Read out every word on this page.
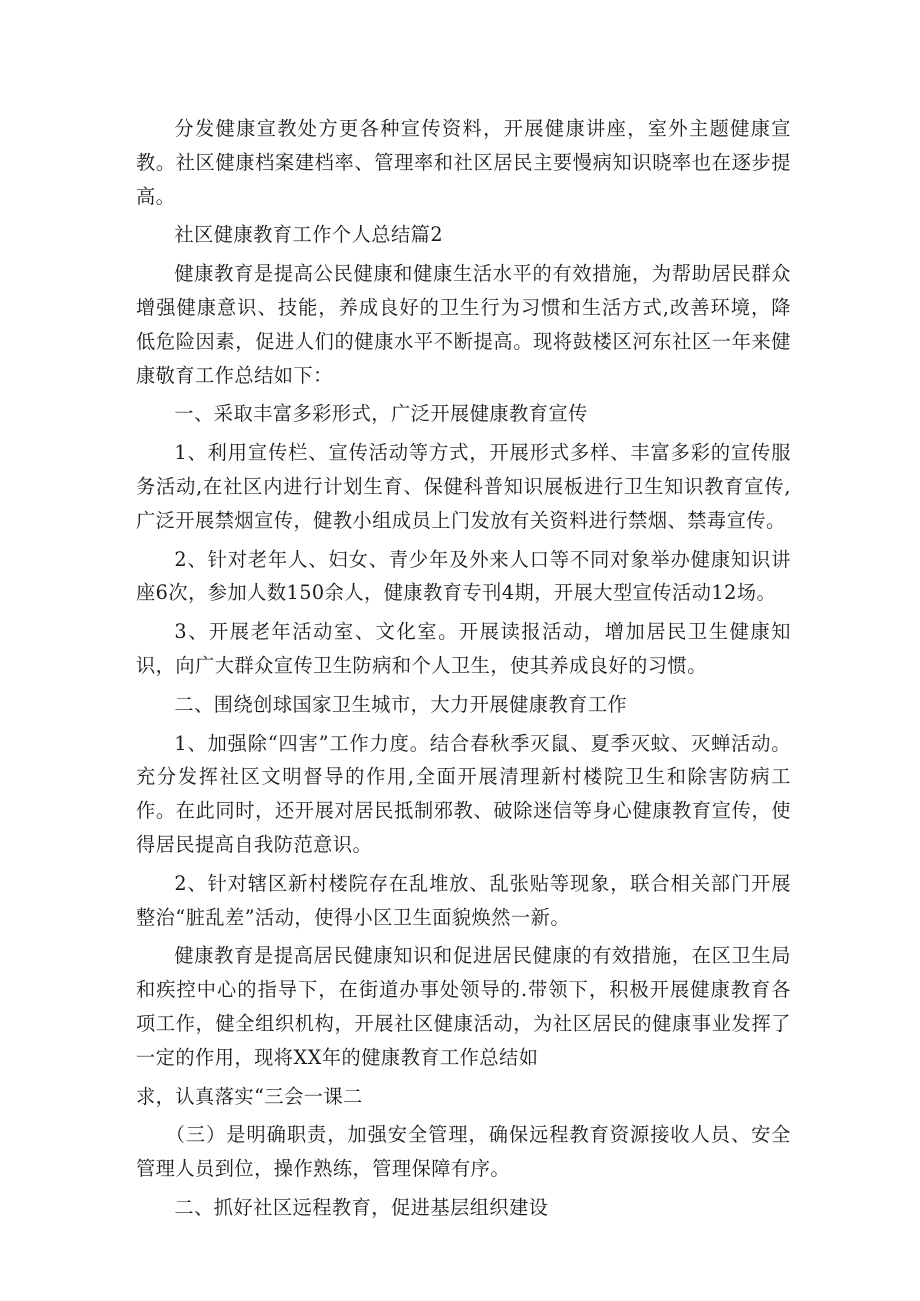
分发健康宣教处方更各种宣传资料，开展健康讲座，室外主题健康宣教。社区健康档案建档率、管理率和社区居民主要慢病知识晓率也在逐步提高。

社区健康教育工作个人总结篇2

健康教育是提高公民健康和健康生活水平的有效措施，为帮助居民群众增强健康意识、技能，养成良好的卫生行为习惯和生活方式,改善环境，降低危险因素，促进人们的健康水平不断提高。现将鼓楼区河东社区一年来健康敬育工作总结如下：

一、采取丰富多彩形式，广泛开展健康教育宣传

1、利用宣传栏、宣传活动等方式，开展形式多样、丰富多彩的宣传服务活动,在社区内进行计划生育、保健科普知识展板进行卫生知识教育宣传,广泛开展禁烟宣传，健教小组成员上门发放有关资料进行禁烟、禁毒宣传。

2、针对老年人、妇女、青少年及外来人口等不同对象举办健康知识讲座6次，参加人数150余人，健康教育专刊4期，开展大型宣传活动12场。

3、开展老年活动室、文化室。开展读报活动，增加居民卫生健康知识，向广大群众宣传卫生防病和个人卫生，使其养成良好的习惯。

二、围绕创球国家卫生城市，大力开展健康教育工作

1、加强除“四害”工作力度。结合春秋季灭鼠、夏季灭蚊、灭蝉活动。充分发挥社区文明督导的作用,全面开展清理新村楼院卫生和除害防病工作。在此同时，还开展对居民抵制邪教、破除迷信等身心健康教育宣传，使得居民提高自我防范意识。

2、针对辖区新村楼院存在乱堆放、乱张贴等现象，联合相关部门开展整治“脏乱差”活动，使得小区卫生面貌焕然一新。

健康教育是提高居民健康知识和促进居民健康的有效措施，在区卫生局和疾控中心的指导下，在街道办事处领导的.带领下，积极开展健康教育各项工作，健全组织机构，开展社区健康活动，为社区居民的健康事业发挥了一定的作用，现将XX年的健康教育工作总结如

求，认真落实“三会一课二

（三）是明确职责，加强安全管理，确保远程教育资源接收人员、安全管理人员到位，操作熟练，管理保障有序。

二、抓好社区远程教育，促进基层组织建设
